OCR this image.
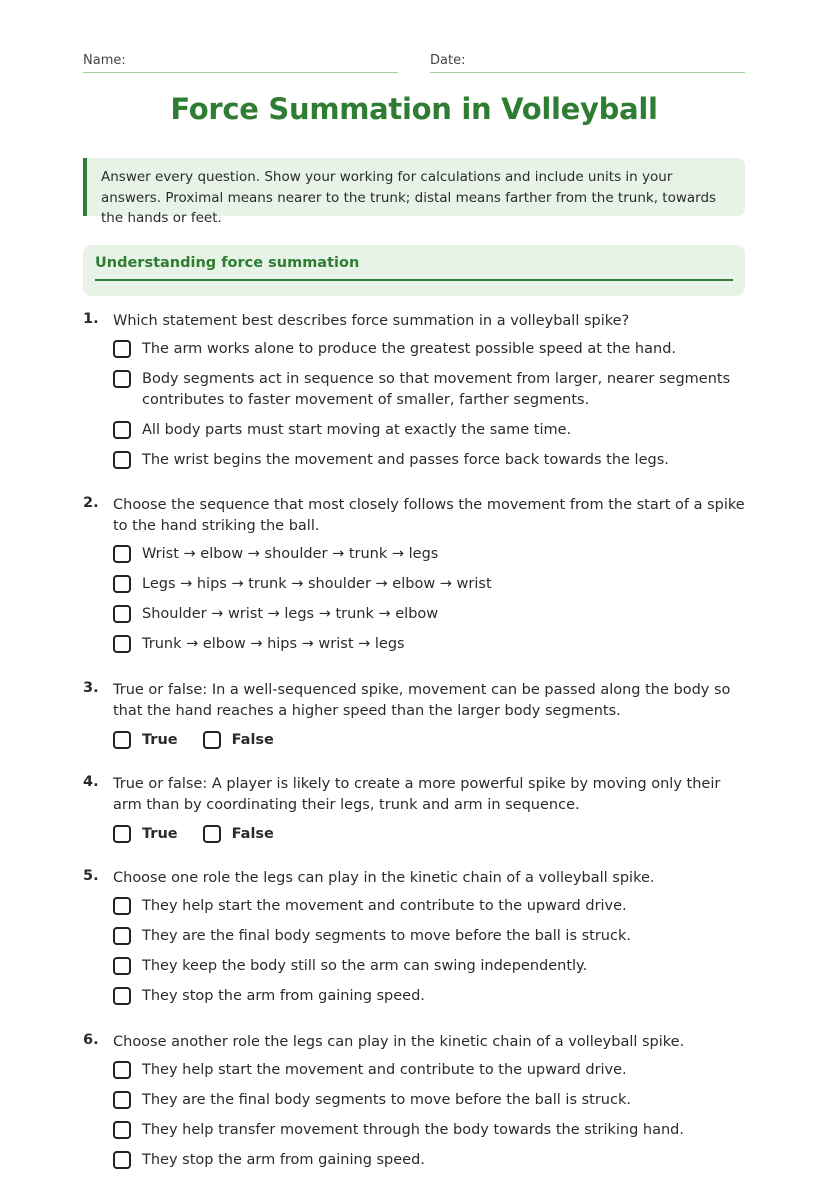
Name:	Date:
Force Summation in Volleyball
Answer every question. Show your working for calculations and include units in your answers. Proximal means nearer to the trunk; distal means farther from the trunk, towards the hands or feet.
Understanding force summation
1. Which statement best describes force summation in a volleyball spike?
The arm works alone to produce the greatest possible speed at the hand.
Body segments act in sequence so that movement from larger, nearer segments contributes to faster movement of smaller, farther segments.
All body parts must start moving at exactly the same time.
The wrist begins the movement and passes force back towards the legs.
2. Choose the sequence that most closely follows the movement from the start of a spike to the hand striking the ball.
Wrist → elbow → shoulder → trunk → legs
Legs → hips → trunk → shoulder → elbow → wrist
Shoulder → wrist → legs → trunk → elbow
Trunk → elbow → hips → wrist → legs
3. True or false: In a well-sequenced spike, movement can be passed along the body so that the hand reaches a higher speed than the larger body segments.
True	False
4. True or false: A player is likely to create a more powerful spike by moving only their arm than by coordinating their legs, trunk and arm in sequence.
True	False
5. Choose one role the legs can play in the kinetic chain of a volleyball spike.
They help start the movement and contribute to the upward drive.
They are the final body segments to move before the ball is struck.
They keep the body still so the arm can swing independently.
They stop the arm from gaining speed.
6. Choose another role the legs can play in the kinetic chain of a volleyball spike.
They help start the movement and contribute to the upward drive.
They are the final body segments to move before the ball is struck.
They help transfer movement through the body towards the striking hand.
They stop the arm from gaining speed.
